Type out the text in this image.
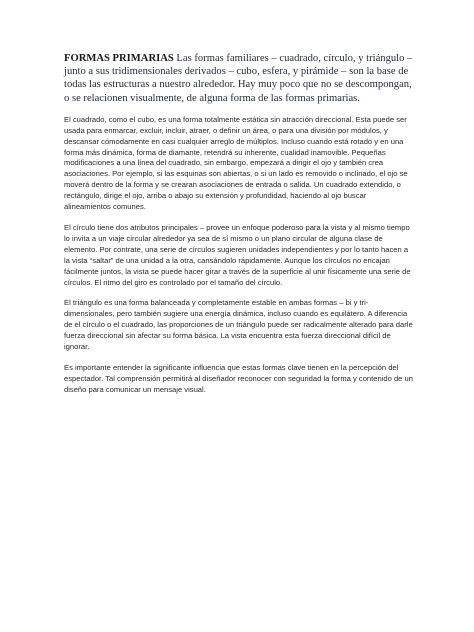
FORMAS PRIMARIAS Las formas familiares – cuadrado, círculo, y triángulo – junto a sus tridimensionales derivados – cubo, esfera, y pirámide – son la base de todas las estructuras a nuestro alrededor. Hay muy poco que no se descompongan, o se relacionen visualmente, de alguna forma de las formas primarias.

El cuadrado, como el cubo, es una forma totalmente estática sin atracción direccional. Esta puede ser usada para enmarcar, excluir, incluir, atraer, o definir un área, o para una división por módulos, y descansar cómodamente en casi cualquier arreglo de múltiplos. Incluso cuando está rotado y en una forma más dinámica, forma de diamante, retendrá su inherente, cualidad inamovible. Pequeñas modificaciones a una línea del cuadrado, sin embargo, empezará a dirigir el ojo y también crea asociaciones. Por ejemplo, si las esquinas son abiertas, o si un lado es removido o inclinado, el ojo se moverá dentro de la forma y se crearan asociaciones de entrada o salida. Un cuadrado extendido, o rectángulo, dirige el ojo, arriba o abajo su extensión y profundidad, haciendo al ojo buscar alineamientos comunes.

El círculo tiene dos atributos principales – provee un enfoque poderoso para la vista y al mismo tiempo lo invita a un viaje circular alrededor ya sea de sí mismo o un plano circular de alguna clase de elemento. Por contrate, una serie de círculos sugieren unidades independientes y por lo tanto hacen a la vista “saltar” de una unidad a la otra, cansándolo rápidamente. Aunque los círculos no encajan fácilmente juntos, la vista se puede hacer girar a través de la superficie al unir físicamente una serie de círculos. El ritmo del giro es controlado por el tamaño del círculo.

El triángulo es una forma balanceada y completamente estable en ambas formas – bi y tri-dimensionales, pero también sugiere una energía dinámica, incluso cuando es equilátero. A diferencia de el círculo o el cuadrado, las proporciones de un triángulo puede ser radicalmente alterado para darle fuerza direccional sin afectar su forma básica. La vista encuentra esta fuerza direccional difícil de ignorar.

Es importante entender la significante influencia que estas formas clave tienen en la percepción del espectador. Tal comprensión permitirá al diseñador reconocer con seguridad la forma y contenido de un diseño para comunicar un mensaje visual.
